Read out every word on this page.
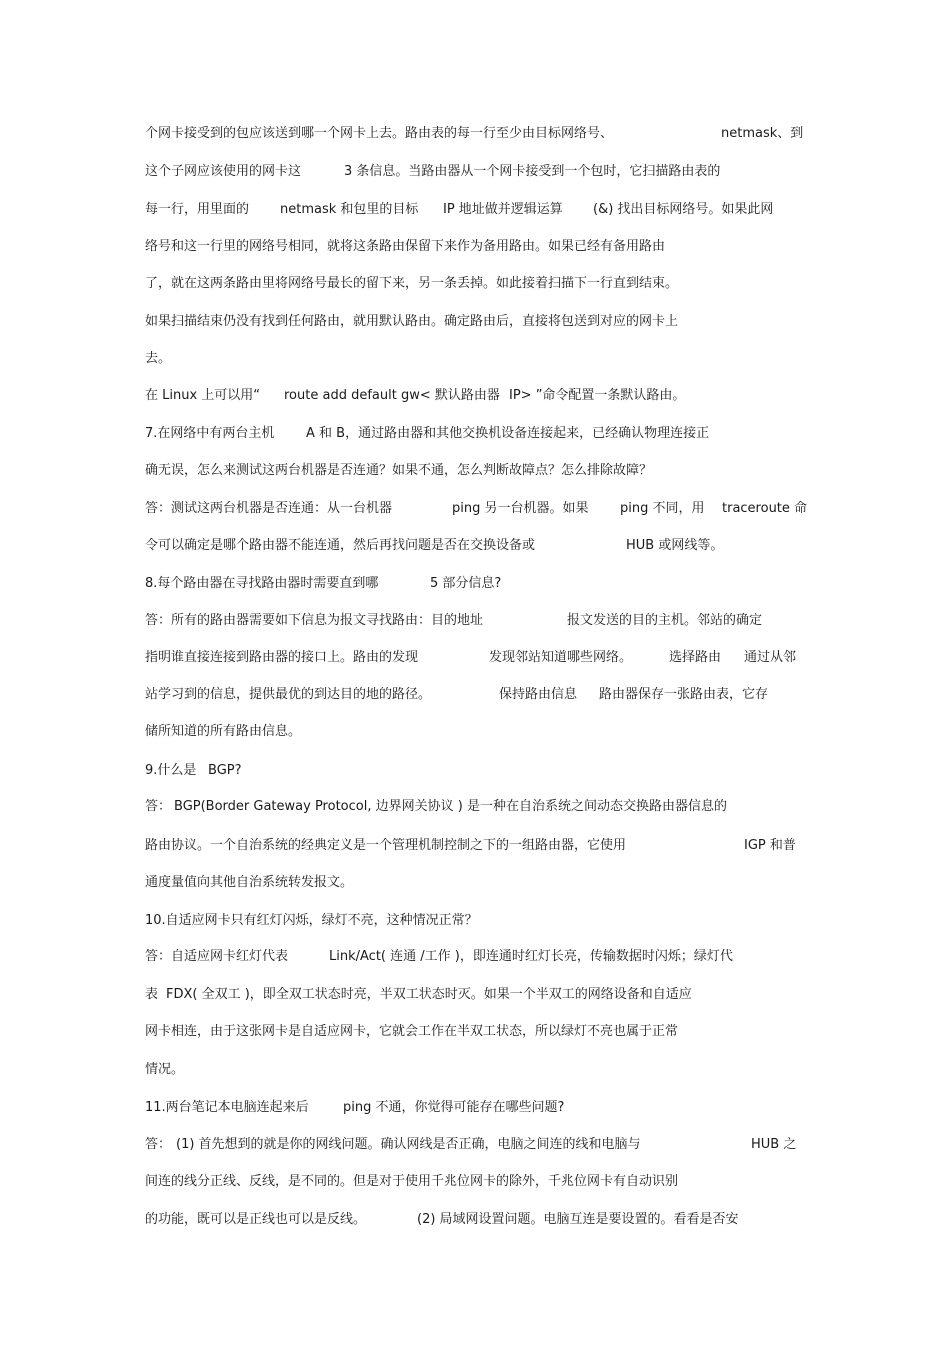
个网卡接受到的包应该送到哪一个网卡上去。路由表的每一行至少由目标网络号、	netmask、到
这个子网应该使用的网卡这	3 条信息。当路由器从一个网卡接受到一个包时，它扫描路由表的
每一行，用里面的 netmask 和包里的目标 IP 地址做并逻辑运算 (&) 找出目标网络号。如果此网
络号和这一行里的网络号相同，就将这条路由保留下来作为备用路由。如果已经有备用路由
了，就在这两条路由里将网络号最长的留下来，另一条丢掉。如此接着扫描下一行直到结束。
如果扫描结束仍没有找到任何路由，就用默认路由。确定路由后，直接将包送到对应的网卡上
去。
在 Linux 上可以用“ route add default gw< 默认路由器 IP> ”命令配置一条默认路由。
7.在网络中有两台主机 A 和 B，通过路由器和其他交换机设备连接起来，已经确认物理连接正
确无误，怎么来测试这两台机器是否连通？如果不通，怎么判断故障点？怎么排除故障？
答：测试这两台机器是否连通：从一台机器	ping 另一台机器。如果 ping 不同，用 traceroute 命
令可以确定是哪个路由器不能连通，然后再找问题是否在交换设备或	HUB 或网线等。
8.每个路由器在寻找路由器时需要直到哪	5 部分信息?
答：所有的路由器需要如下信息为报文寻找路由：目的地址	报文发送的目的主机。邻站的确定
指明谁直接连接到路由器的接口上。路由的发现	发现邻站知道哪些网络。	选择路由 通过从邻
站学习到的信息，提供最优的到达目的地的路径。	保持路由信息 路由器保存一张路由表，它存
储所知道的所有路由信息。
9.什么是 BGP?
答： BGP(Border Gateway Protocol, 边界网关协议 ) 是一种在自治系统之间动态交换路由器信息的
路由协议。一个自治系统的经典定义是一个管理机制控制之下的一组路由器，它使用	IGP 和普
通度量值向其他自治系统转发报文。
10.自适应网卡只有红灯闪烁，绿灯不亮，这种情况正常？
答：自适应网卡红灯代表	Link/Act( 连通 /工作 )，即连通时红灯长亮，传输数据时闪烁；绿灯代
表 FDX( 全双工 )，即全双工状态时亮，半双工状态时灭。如果一个半双工的网络设备和自适应
网卡相连，由于这张网卡是自适应网卡，它就会工作在半双工状态，所以绿灯不亮也属于正常
情况。
11.两台笔记本电脑连起来后	ping 不通，你觉得可能存在哪些问题?
答： (1) 首先想到的就是你的网线问题。确认网线是否正确，电脑之间连的线和电脑与	HUB 之
间连的线分正线、反线，是不同的。但是对于使用千兆位网卡的除外，千兆位网卡有自动识别
的功能，既可以是正线也可以是反线。	(2) 局域网设置问题。电脑互连是要设置的。看看是否安
